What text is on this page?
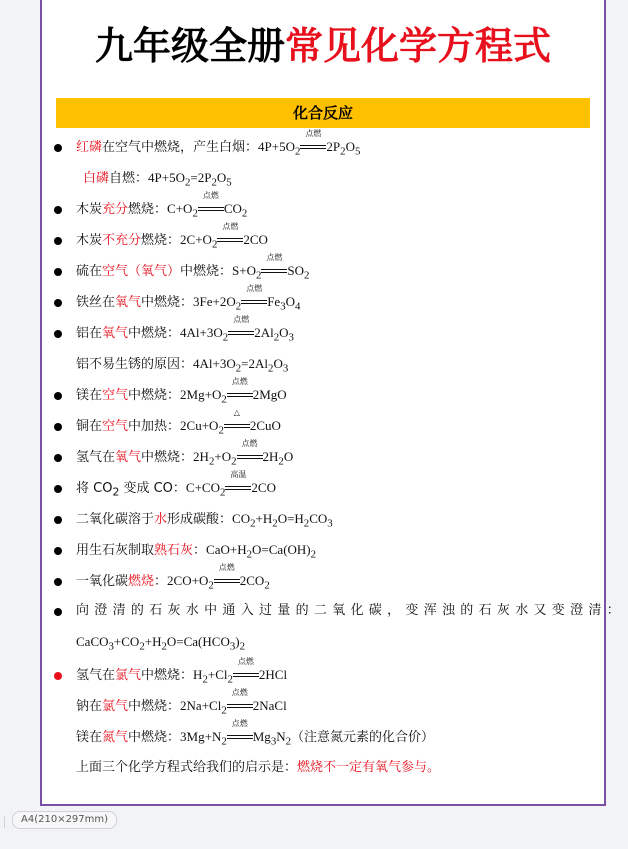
九年级全册常见化学方程式
化合反应
红磷在空气中燃烧，产生白烟：$4P+5O_2$
点燃
$2P_2O_5$
白磷自燃：$4P+5O_2=2P_2O_5$
木炭充分燃烧：$C+O_2$
点燃
$CO_2$
木炭不充分燃烧：$2C+O_2$
点燃
2CO
硫在空气（氧气）中燃烧：$S+O_2$
点燃
$SO_2$
铁丝在氧气中燃烧：$3Fe+2O_2$
点燃
$Fe_3O_4$
铝在氧气中燃烧：$4Al+3O_2$
点燃
$2Al_2O_3$
铝不易生锈的原因：$4Al+3O_2=2Al_2O_3$
镁在空气中燃烧：$2Mg+O_2$
点燃
2MgO
铜在空气中加热：$2Cu+O_2$
△
2CuO
氢气在氧气中燃烧：$2H_2+O_2$
点燃
$2H_2O$
将 $CO_2$ 变成 CO：$C+CO_2$
高温
2CO
二氧化碳溶于水形成碳酸：$CO_2+H_2O=H_2CO_3$
用生石灰制取熟石灰：$CaO+H_2O=Ca(OH)_2$
一氧化碳燃烧：$2CO+O_2$
点燃
$2CO_2$
向澄清的石灰水中通入过量的二氧化碳，变浑浊的石灰水又变澄清：
$CaCO_3+CO_2+H_2O=Ca(HCO_3)_2$
氢气在氯气中燃烧：$H_2+Cl_2$
点燃
2HCl
钠在氯气中燃烧：$2Na+Cl_2$
点燃
2NaCl
镁在氮气中燃烧：$3Mg+N_2$
点燃
$Mg_3N_2$（注意氮元素的化合价）
上面三个化学方程式给我们的启示是：燃烧不一定有氧气参与。
A4(210×297mm)
